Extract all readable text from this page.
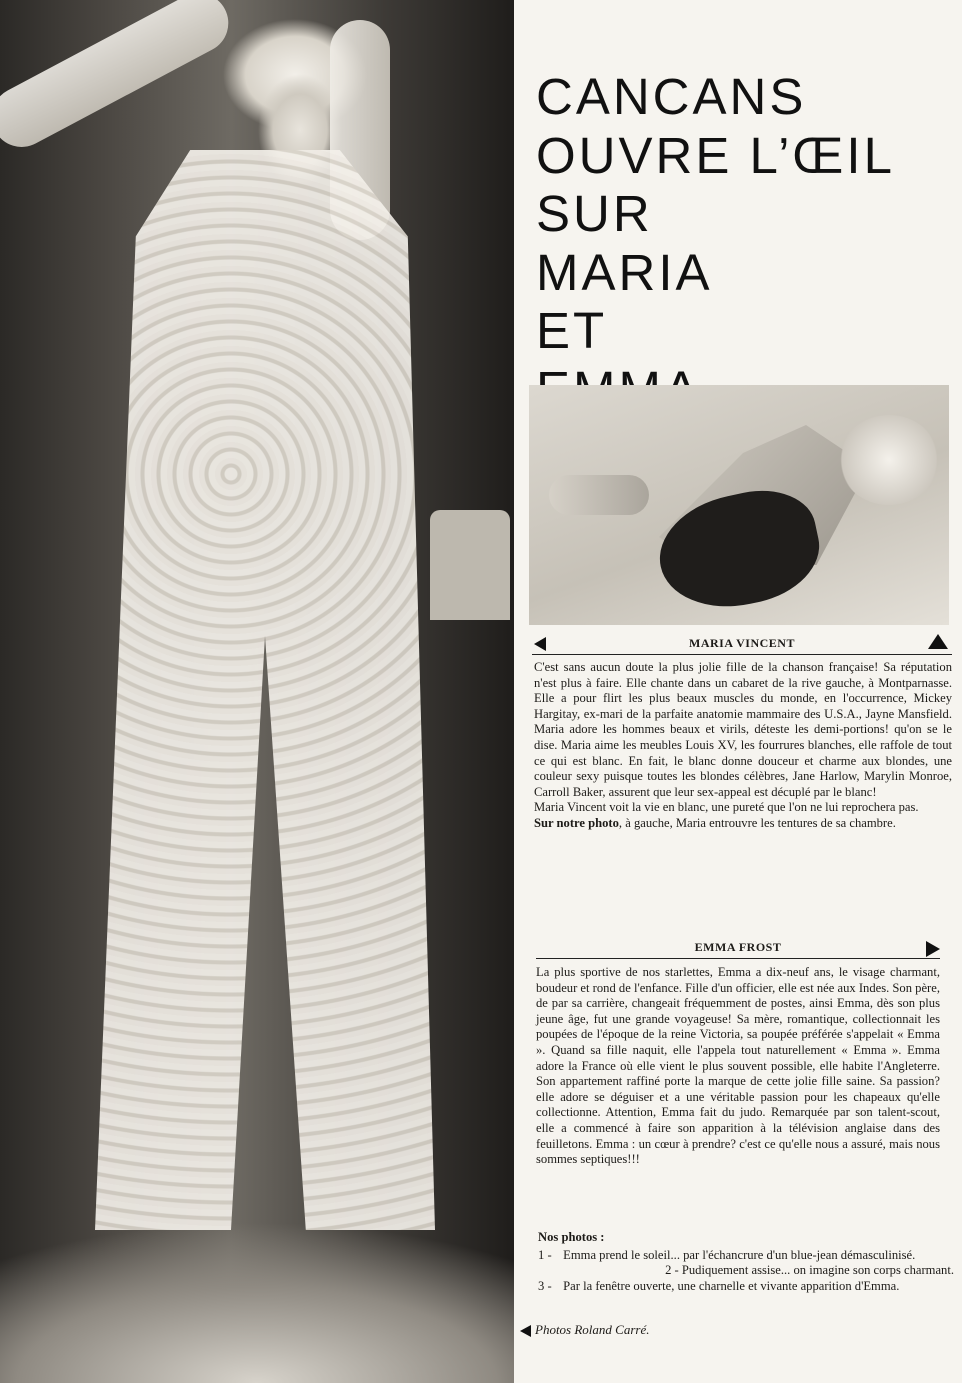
CANCANS
OUVRE L’ŒIL
SUR
MARIA
ET
MARIA VINCENT

C'est sans aucun doute la plus jolie fille de la chanson française! Sa réputation n'est plus à faire. Elle chante dans un cabaret de la rive gauche, à Montparnasse. Elle a pour flirt les plus beaux muscles du monde, en l'occurrence, Mickey Hargitay, ex-mari de la parfaite anatomie mammaire des U.S.A., Jayne Mansfield. Maria adore les hommes beaux et virils, déteste les demi-portions! qu'on se le dise. Maria aime les meubles Louis XV, les fourrures blanches, elle raffole de tout ce qui est blanc. En fait, le blanc donne douceur et charme aux blondes, une couleur sexy puisque toutes les blondes célèbres, Jane Harlow, Marylin Monroe, Carroll Baker, assurent que leur sex-appeal est décuplé par le blanc!

Maria Vincent voit la vie en blanc, une pureté que l'on ne lui reprochera pas.

Sur notre photo, à gauche, Maria entrouvre les tentures de sa chambre.

EMMA FROST

La plus sportive de nos starlettes, Emma a dix-neuf ans, le visage charmant, boudeur et rond de l'enfance. Fille d'un officier, elle est née aux Indes. Son père, de par sa carrière, changeait fréquemment de postes, ainsi Emma, dès son plus jeune âge, fut une grande voyageuse! Sa mère, romantique, collectionnait les poupées de l'époque de la reine Victoria, sa poupée préférée s'appelait « Emma ». Quand sa fille naquit, elle l'appela tout naturellement « Emma ». Emma adore la France où elle vient le plus souvent possible, elle habite l'Angleterre. Son appartement raffiné porte la marque de cette jolie fille saine. Sa passion? elle adore se déguiser et a une véritable passion pour les chapeaux qu'elle collectionne. Attention, Emma fait du judo. Remarquée par son talent-scout, elle a commencé à faire son apparition à la télévision anglaise dans des feuilletons. Emma : un cœur à prendre? c'est ce qu'elle nous a assuré, mais nous sommes septiques!!!

Nos photos :

1 - Emma prend le soleil... par l'échancrure d'un blue-jean démasculinisé.

2 - Pudiquement assise... on imagine son corps charmant.

3 - Par la fenêtre ouverte, une charnelle et vivante apparition d'Emma.

Photos Roland Carré.
